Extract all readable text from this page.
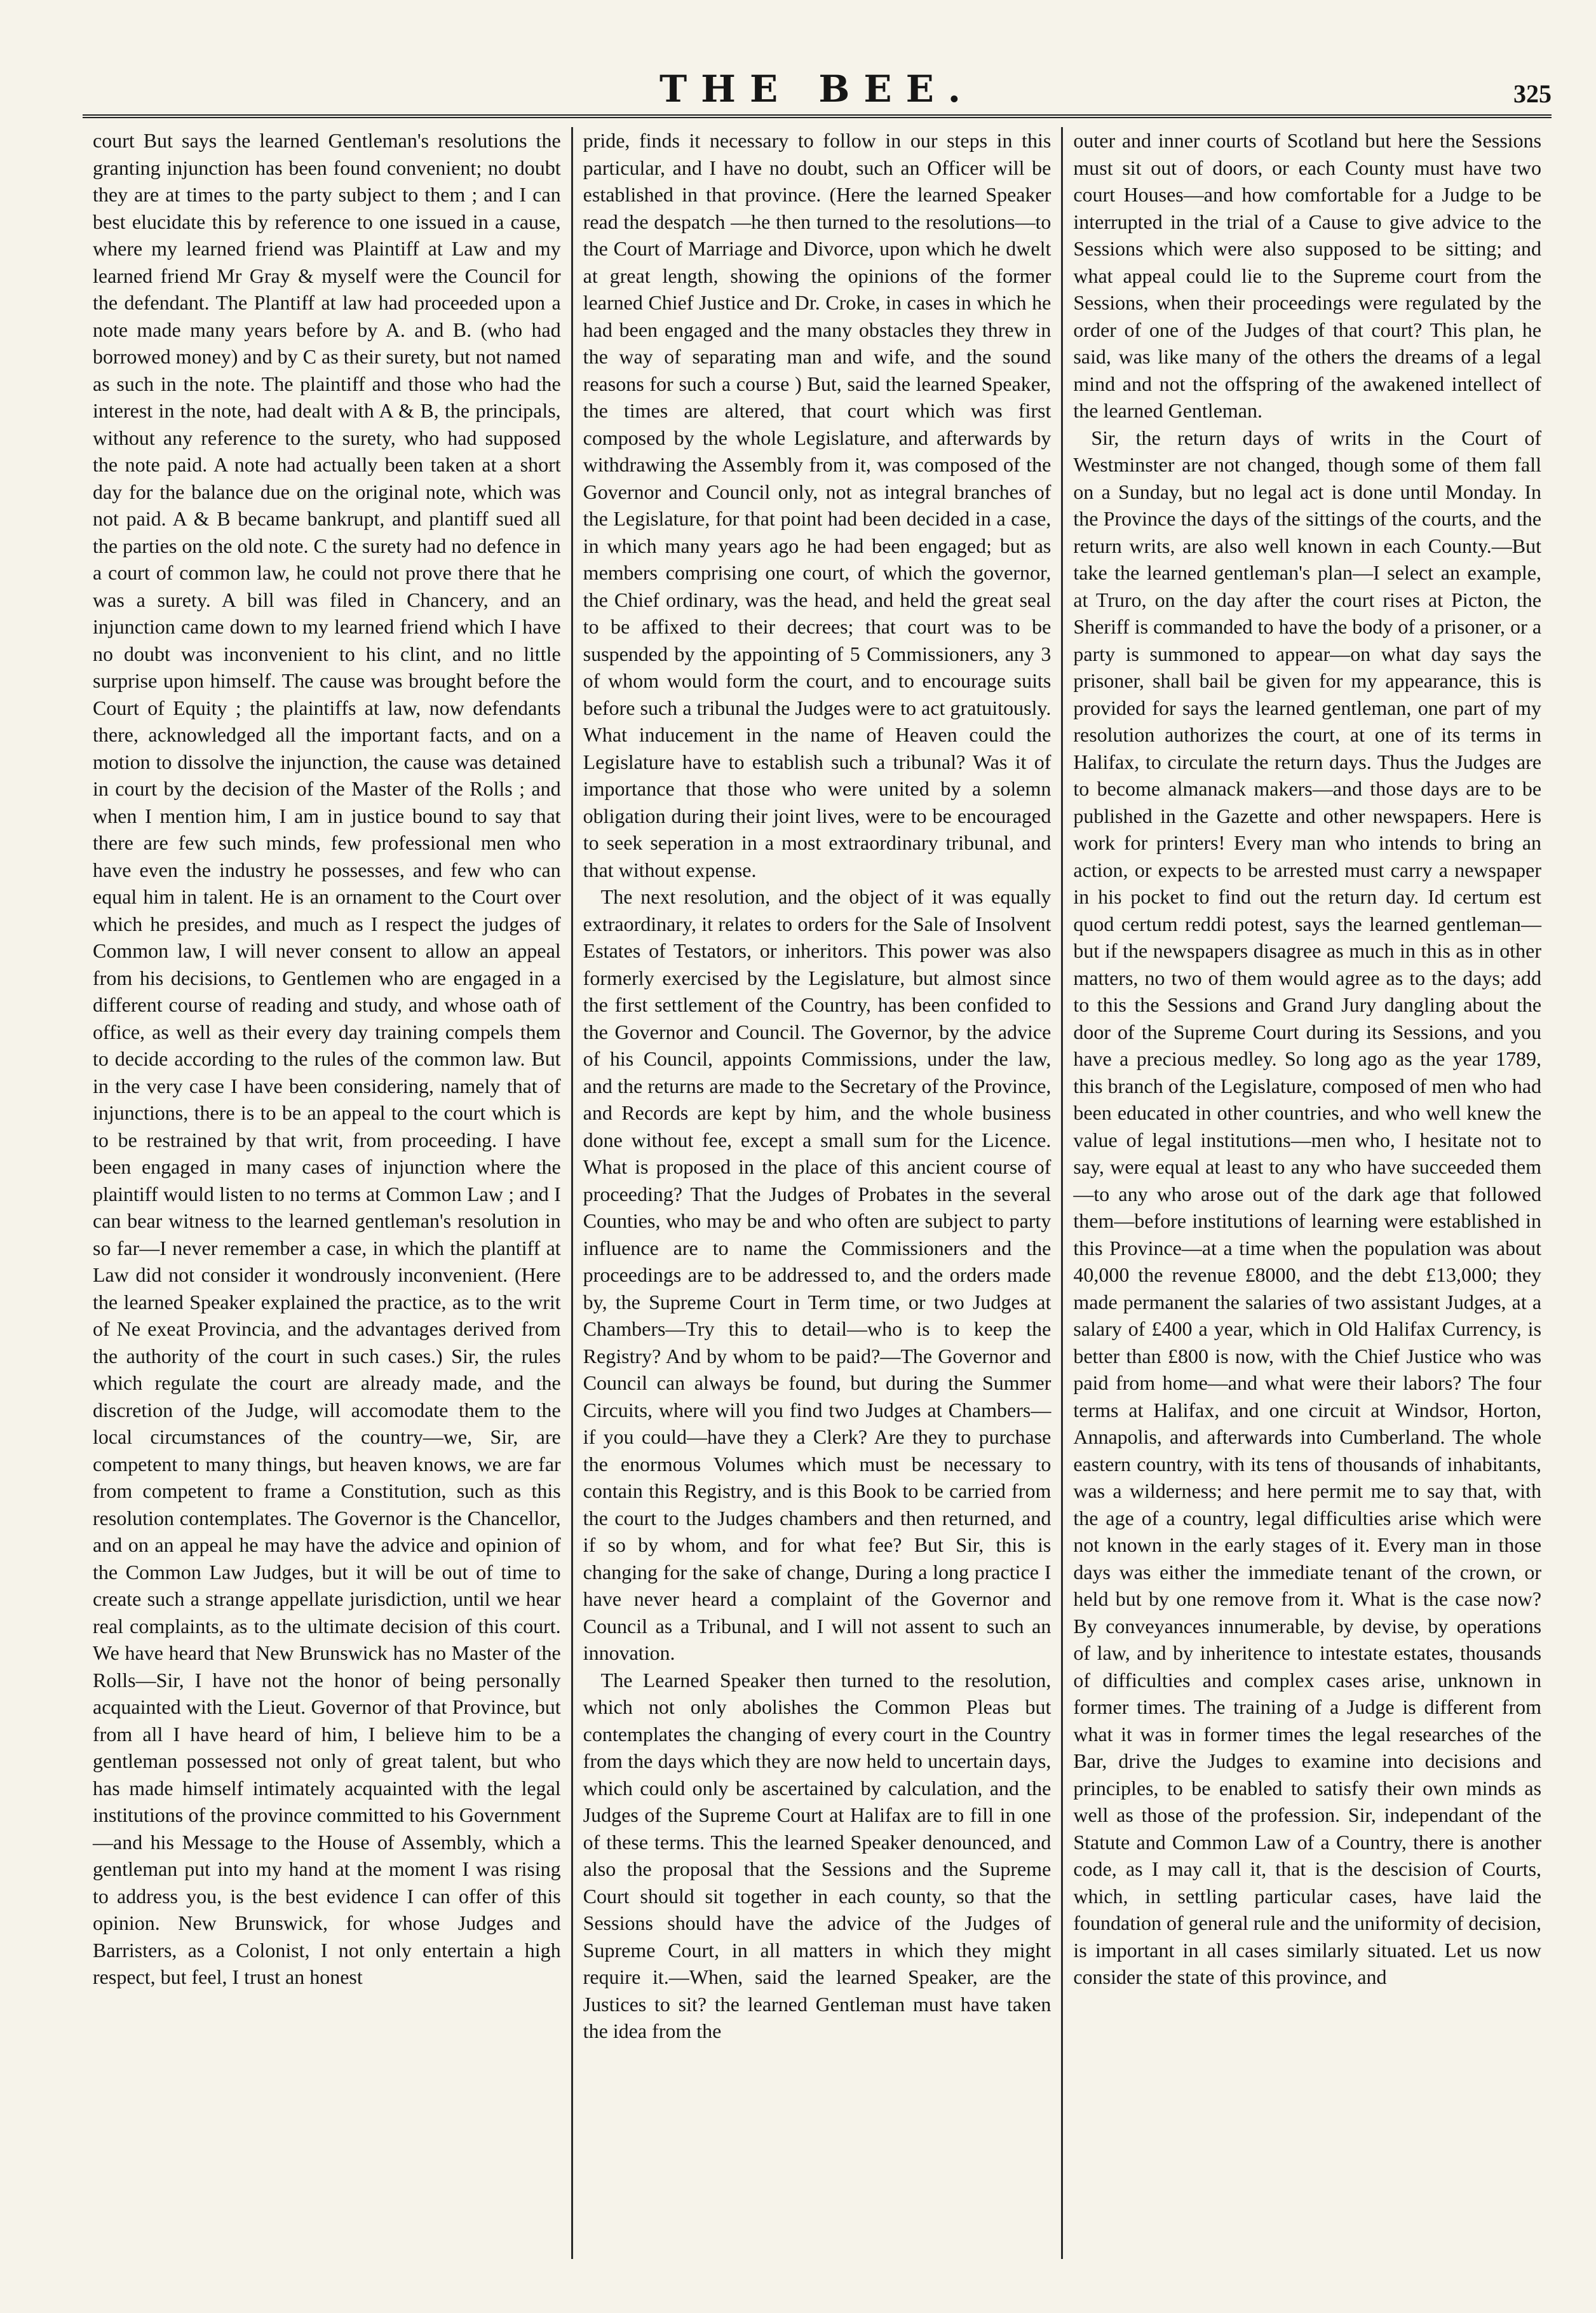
THE BEE.	325

court But says the learned Gentleman's resolutions the granting injunction has been found convenient; no doubt they are at times to the party subject to them ; and I can best elucidate this by reference to one issued in a cause, where my learned friend was Plaintiff at Law and my learned friend Mr Gray & myself were the Council for the defendant. The Plantiff at law had proceeded upon a note made many years before by A. and B. (who had borrowed money) and by C as their surety, but not named as such in the note. The plaintiff and those who had the interest in the note, had dealt with A & B, the principals, without any reference to the surety, who had supposed the note paid. A note had actually been taken at a short day for the balance due on the original note, which was not paid. A & B became bankrupt, and plantiff sued all the parties on the old note. C the surety had no defence in a court of common law, he could not prove there that he was a surety. A bill was filed in Chancery, and an injunction came down to my learned friend which I have no doubt was inconvenient to his clint, and no little surprise upon himself. The cause was brought before the Court of Equity ; the plaintiffs at law, now defendants there, acknowledged all the important facts, and on a motion to dissolve the injunction, the cause was detained in court by the decision of the Master of the Rolls ; and when I mention him, I am in justice bound to say that there are few such minds, few professional men who have even the industry he possesses, and few who can equal him in talent. He is an ornament to the Court over which he presides, and much as I respect the judges of Common law, I will never consent to allow an appeal from his decisions, to Gentlemen who are engaged in a different course of reading and study, and whose oath of office, as well as their every day training compels them to decide according to the rules of the common law. But in the very case I have been considering, namely that of injunctions, there is to be an appeal to the court which is to be restrained by that writ, from proceeding. I have been engaged in many cases of injunction where the plaintiff would listen to no terms at Common Law ; and I can bear witness to the learned gentleman's resolution in so far—I never remember a case, in which the plantiff at Law did not consider it wondrously inconvenient. (Here the learned Speaker explained the practice, as to the writ of Ne exeat Provincia, and the advantages derived from the authority of the court in such cases.) Sir, the rules which regulate the court are already made, and the discretion of the Judge, will accomodate them to the local circumstances of the country—we, Sir, are competent to many things, but heaven knows, we are far from competent to frame a Constitution, such as this resolution contemplates. The Governor is the Chancellor, and on an appeal he may have the advice and opinion of the Common Law Judges, but it will be out of time to create such a strange appellate jurisdiction, until we hear real complaints, as to the ultimate decision of this court. We have heard that New Brunswick has no Master of the Rolls—Sir, I have not the honor of being personally acquainted with the Lieut. Governor of that Province, but from all I have heard of him, I believe him to be a gentleman possessed not only of great talent, but who has made himself intimately acquainted with the legal institutions of the province committed to his Government—and his Message to the House of Assembly, which a gentleman put into my hand at the moment I was rising to address you, is the best evidence I can offer of this opinion. New Brunswick, for whose Judges and Barristers, as a Colonist, I not only entertain a high respect, but feel, I trust an honest

pride, finds it necessary to follow in our steps in this particular, and I have no doubt, such an Officer will be established in that province. (Here the learned Speaker read the despatch —he then turned to the resolutions—to the Court of Marriage and Divorce, upon which he dwelt at great length, showing the opinions of the former learned Chief Justice and Dr. Croke, in cases in which he had been engaged and the many obstacles they threw in the way of separating man and wife, and the sound reasons for such a course ) But, said the learned Speaker, the times are altered, that court which was first composed by the whole Legislature, and afterwards by withdrawing the Assembly from it, was composed of the Governor and Council only, not as integral branches of the Legislature, for that point had been decided in a case, in which many years ago he had been engaged; but as members comprising one court, of which the governor, the Chief ordinary, was the head, and held the great seal to be affixed to their decrees; that court was to be suspended by the appointing of 5 Commissioners, any 3 of whom would form the court, and to encourage suits before such a tribunal the Judges were to act gratuitously. What inducement in the name of Heaven could the Legislature have to establish such a tribunal? Was it of importance that those who were united by a solemn obligation during their joint lives, were to be encouraged to seek seperation in a most extraordinary tribunal, and that without expense.

The next resolution, and the object of it was equally extraordinary, it relates to orders for the Sale of Insolvent Estates of Testators, or inheritors. This power was also formerly exercised by the Legislature, but almost since the first settlement of the Country, has been confided to the Governor and Council. The Governor, by the advice of his Council, appoints Commissions, under the law, and the returns are made to the Secretary of the Province, and Records are kept by him, and the whole business done without fee, except a small sum for the Licence. What is proposed in the place of this ancient course of proceeding? That the Judges of Probates in the several Counties, who may be and who often are subject to party influence are to name the Commissioners and the proceedings are to be addressed to, and the orders made by, the Supreme Court in Term time, or two Judges at Chambers—Try this to detail—who is to keep the Registry? And by whom to be paid?—The Governor and Council can always be found, but during the Summer Circuits, where will you find two Judges at Chambers—if you could—have they a Clerk? Are they to purchase the enormous Volumes which must be necessary to contain this Registry, and is this Book to be carried from the court to the Judges chambers and then returned, and if so by whom, and for what fee? But Sir, this is changing for the sake of change, During a long practice I have never heard a complaint of the Governor and Council as a Tribunal, and I will not assent to such an innovation.

The Learned Speaker then turned to the resolution, which not only abolishes the Common Pleas but contemplates the changing of every court in the Country from the days which they are now held to uncertain days, which could only be ascertained by calculation, and the Judges of the Supreme Court at Halifax are to fill in one of these terms. This the learned Speaker denounced, and also the proposal that the Sessions and the Supreme Court should sit together in each county, so that the Sessions should have the advice of the Judges of Supreme Court, in all matters in which they might require it.—When, said the learned Speaker, are the Justices to sit? the learned Gentleman must have taken the idea from the

outer and inner courts of Scotland but here the Sessions must sit out of doors, or each County must have two court Houses—and how comfortable for a Judge to be interrupted in the trial of a Cause to give advice to the Sessions which were also supposed to be sitting; and what appeal could lie to the Supreme court from the Sessions, when their proceedings were regulated by the order of one of the Judges of that court? This plan, he said, was like many of the others the dreams of a legal mind and not the offspring of the awakened intellect of the learned Gentleman.

Sir, the return days of writs in the Court of Westminster are not changed, though some of them fall on a Sunday, but no legal act is done until Monday. In the Province the days of the sittings of the courts, and the return writs, are also well known in each County.—But take the learned gentleman's plan—I select an example, at Truro, on the day after the court rises at Picton, the Sheriff is commanded to have the body of a prisoner, or a party is summoned to appear—on what day says the prisoner, shall bail be given for my appearance, this is provided for says the learned gentleman, one part of my resolution authorizes the court, at one of its terms in Halifax, to circulate the return days. Thus the Judges are to become almanack makers—and those days are to be published in the Gazette and other newspapers. Here is work for printers! Every man who intends to bring an action, or expects to be arrested must carry a newspaper in his pocket to find out the return day. Id certum est quod certum reddi potest, says the learned gentleman—but if the newspapers disagree as much in this as in other matters, no two of them would agree as to the days; add to this the Sessions and Grand Jury dangling about the door of the Supreme Court during its Sessions, and you have a precious medley. So long ago as the year 1789, this branch of the Legislature, composed of men who had been educated in other countries, and who well knew the value of legal institutions—men who, I hesitate not to say, were equal at least to any who have succeeded them—to any who arose out of the dark age that followed them—before institutions of learning were established in this Province—at a time when the population was about 40,000 the revenue £8000, and the debt £13,000; they made permanent the salaries of two assistant Judges, at a salary of £400 a year, which in Old Halifax Currency, is better than £800 is now, with the Chief Justice who was paid from home—and what were their labors? The four terms at Halifax, and one circuit at Windsor, Horton, Annapolis, and afterwards into Cumberland. The whole eastern country, with its tens of thousands of inhabitants, was a wilderness; and here permit me to say that, with the age of a country, legal difficulties arise which were not known in the early stages of it. Every man in those days was either the immediate tenant of the crown, or held but by one remove from it. What is the case now? By conveyances innumerable, by devise, by operations of law, and by inheritence to intestate estates, thousands of difficulties and complex cases arise, unknown in former times. The training of a Judge is different from what it was in former times the legal researches of the Bar, drive the Judges to examine into decisions and principles, to be enabled to satisfy their own minds as well as those of the profession. Sir, independant of the Statute and Common Law of a Country, there is another code, as I may call it, that is the descision of Courts, which, in settling particular cases, have laid the foundation of general rule and the uniformity of decision, is important in all cases similarly situated. Let us now consider the state of this province, and
